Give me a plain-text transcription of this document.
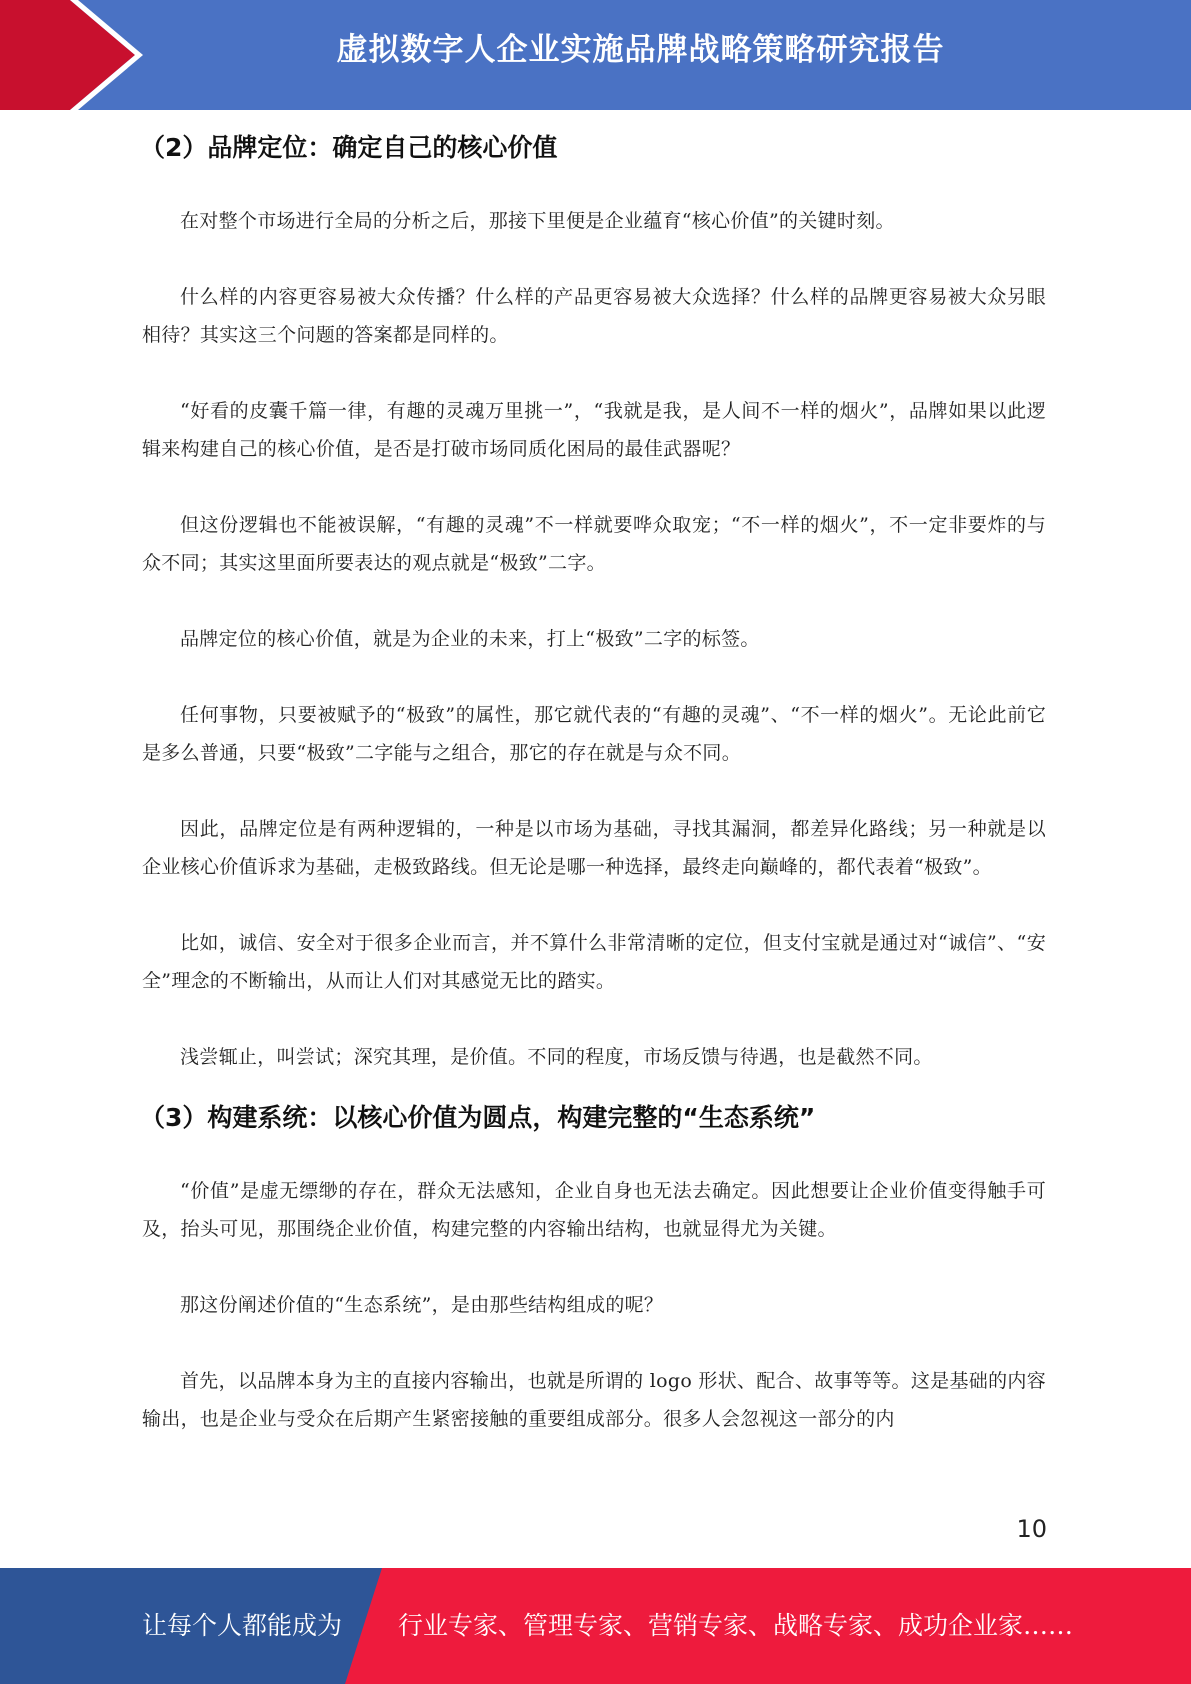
虚拟数字人企业实施品牌战略策略研究报告
（2）品牌定位：确定自己的核心价值

在对整个市场进行全局的分析之后，那接下里便是企业蕴育“核心价值”的关键时刻。

什么样的内容更容易被大众传播？什么样的产品更容易被大众选择？什么样的品牌更容易被大众另眼相待？其实这三个问题的答案都是同样的。

“好看的皮囊千篇一律，有趣的灵魂万里挑一”，“我就是我，是人间不一样的烟火”，品牌如果以此逻辑来构建自己的核心价值，是否是打破市场同质化困局的最佳武器呢？

但这份逻辑也不能被误解，“有趣的灵魂”不一样就要哗众取宠；“不一样的烟火”，不一定非要炸的与众不同；其实这里面所要表达的观点就是“极致”二字。

品牌定位的核心价值，就是为企业的未来，打上“极致”二字的标签。

任何事物，只要被赋予的“极致”的属性，那它就代表的“有趣的灵魂”、“不一样的烟火”。无论此前它是多么普通，只要“极致”二字能与之组合，那它的存在就是与众不同。

因此，品牌定位是有两种逻辑的，一种是以市场为基础，寻找其漏洞，都差异化路线；另一种就是以企业核心价值诉求为基础，走极致路线。但无论是哪一种选择，最终走向巅峰的，都代表着“极致”。

比如，诚信、安全对于很多企业而言，并不算什么非常清晰的定位，但支付宝就是通过对“诚信”、“安全”理念的不断输出，从而让人们对其感觉无比的踏实。

浅尝辄止，叫尝试；深究其理，是价值。不同的程度，市场反馈与待遇，也是截然不同。

（3）构建系统：以核心价值为圆点，构建完整的“生态系统”

“价值”是虚无缥缈的存在，群众无法感知，企业自身也无法去确定。因此想要让企业价值变得触手可及，抬头可见，那围绕企业价值，构建完整的内容输出结构，也就显得尤为关键。

那这份阐述价值的“生态系统”，是由那些结构组成的呢？

首先，以品牌本身为主的直接内容输出，也就是所谓的 logo 形状、配合、故事等等。这是基础的内容输出，也是企业与受众在后期产生紧密接触的重要组成部分。很多人会忽视这一部分的内

10
让每个人都能成为 行业专家、管理专家、营销专家、战略专家、成功企业家……
